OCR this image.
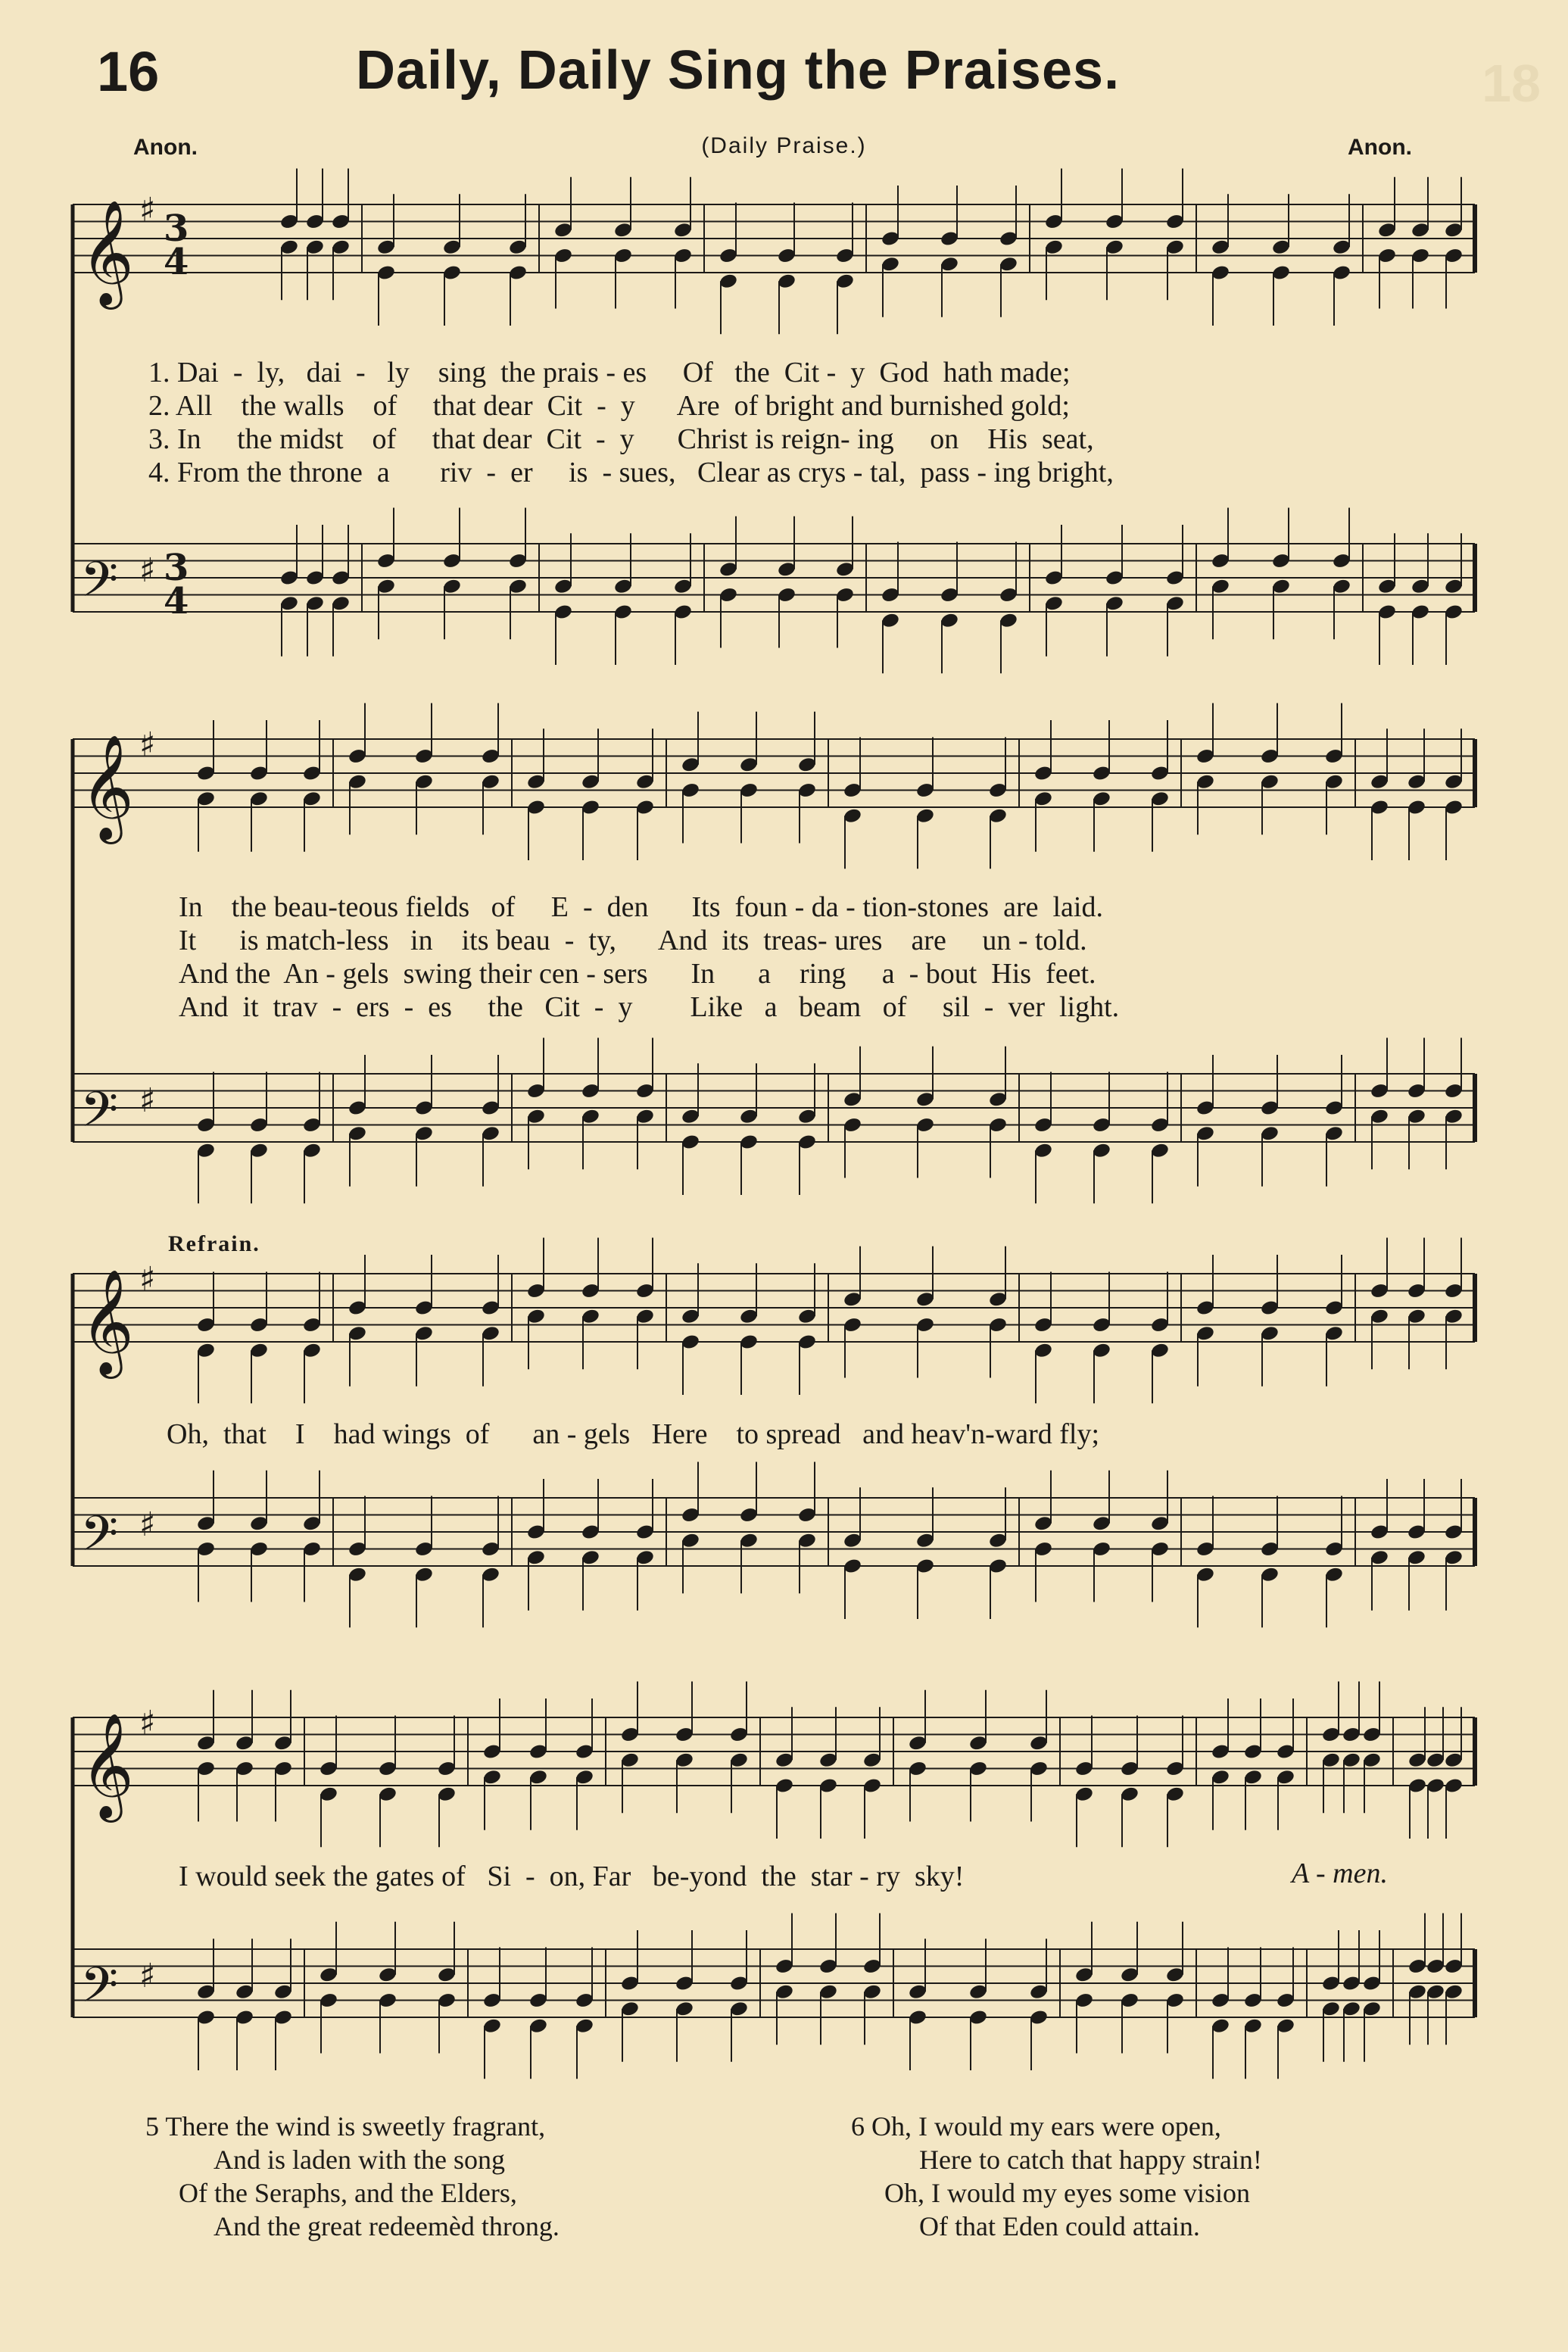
18
16	Daily, Daily Sing the Praises.
Anon.	(Daily Praise.)	Anon.
𝄞 ♯ 3
4
𝄢 ♯ 3
4
𝄞 ♯
𝄢 ♯
𝄞 ♯
𝄢 ♯
𝄞 ♯
𝄢 ♯
1. Dai  -  ly,   dai  -   ly    sing  the prais - es     Of   the  Cit -  y  God  hath made;
2. All    the walls    of     that dear  Cit  -  y      Are  of bright and burnished gold;
3. In     the midst    of     that dear  Cit  -  y      Christ is reign- ing     on    His  seat,
4. From the throne  a       riv  -  er     is  - sues,   Clear as crys - tal,  pass - ing bright,
In    the beau-teous fields   of     E  -  den      Its  foun - da - tion-stones  are  laid.
It      is match-less   in    its beau  -  ty,      And  its  treas- ures    are     un - told.
And the  An - gels  swing their cen - sers      In      a    ring     a  - bout  His  feet.
And  it  trav  -  ers  -  es     the   Cit  -  y        Like   a   beam   of     sil  -  ver  light.
Refrain.
Oh,  that    I    had wings  of      an - gels   Here    to spread   and heav'n-ward fly;
I would seek the gates of   Si  -  on, Far   be-yond  the  star - ry  sky!	A - men.
5 There the wind is sweetly fragrant,
And is laden with the song
Of the Seraphs, and the Elders,
And the great redeemèd throng.
6 Oh, I would my ears were open,
Here to catch that happy strain!
Oh, I would my eyes some vision
Of that Eden could attain.
